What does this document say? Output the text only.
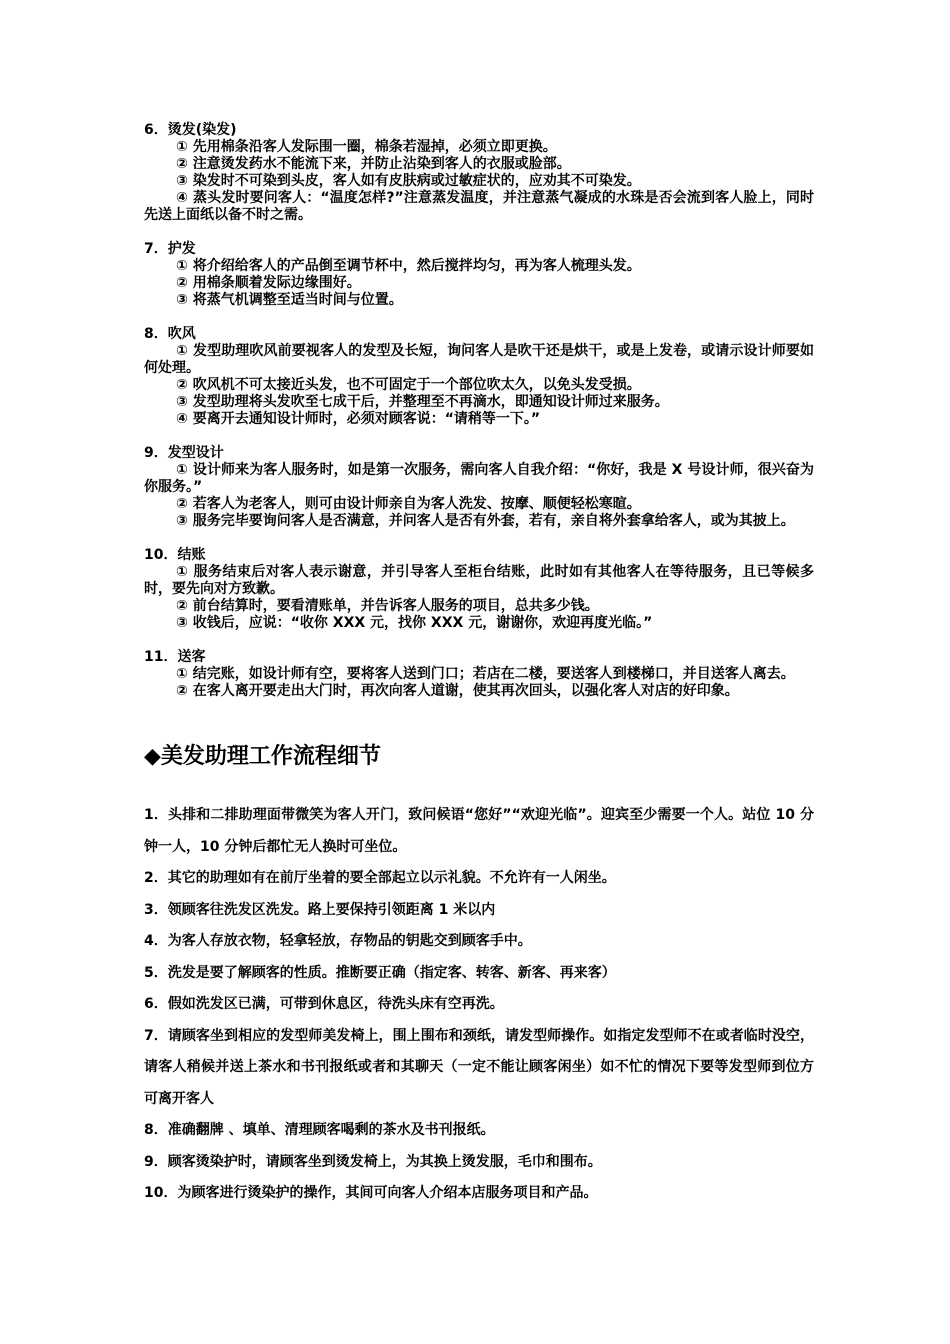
6．烫发(染发)
① 先用棉条沿客人发际围一圈，棉条若湿掉，必须立即更换。
② 注意烫发药水不能流下来，并防止沾染到客人的衣服或脸部。
③ 染发时不可染到头皮，客人如有皮肤病或过敏症状的，应劝其不可染发。
④ 蒸头发时要问客人：“温度怎样?”注意蒸发温度，并注意蒸气凝成的水珠是否会流到客人脸上，同时先送上面纸以备不时之需。
7．护发
① 将介绍给客人的产品倒至调节杯中，然后搅拌均匀，再为客人梳理头发。
② 用棉条顺着发际边缘围好。
③ 将蒸气机调整至适当时间与位置。
8．吹风
① 发型助理吹风前要视客人的发型及长短，询问客人是吹干还是烘干，或是上发卷，或请示设计师要如何处理。
② 吹风机不可太接近头发，也不可固定于一个部位吹太久，以免头发受损。
③ 发型助理将头发吹至七成干后，并整理至不再滴水，即通知设计师过来服务。
④ 要离开去通知设计师时，必须对顾客说：“请稍等一下。”
9．发型设计
① 设计师来为客人服务时，如是第一次服务，需向客人自我介绍：“你好，我是 X 号设计师，很兴奋为你服务。”
② 若客人为老客人，则可由设计师亲自为客人洗发、按摩、顺便轻松寒暄。
③ 服务完毕要询问客人是否满意，并问客人是否有外套，若有，亲自将外套拿给客人，或为其披上。
10．结账
① 服务结束后对客人表示谢意，并引导客人至柜台结账，此时如有其他客人在等待服务，且已等候多时，要先向对方致歉。
② 前台结算时，要看清账单，并告诉客人服务的项目，总共多少钱。
③ 收钱后，应说：“收你 XXX 元，找你 XXX 元，谢谢你，欢迎再度光临。”
11．送客
① 结完账，如设计师有空，要将客人送到门口；若店在二楼，要送客人到楼梯口，并目送客人离去。
② 在客人离开要走出大门时，再次向客人道谢，使其再次回头，以强化客人对店的好印象。
◆美发助理工作流程细节
1．头排和二排助理面带微笑为客人开门，致问候语“您好”“欢迎光临”。迎宾至少需要一个人。站位 10 分钟一人，10 分钟后都忙无人换时可坐位。
2．其它的助理如有在前厅坐着的要全部起立以示礼貌。不允许有一人闲坐。
3．领顾客往洗发区洗发。路上要保持引领距离 1 米以内
4．为客人存放衣物，轻拿轻放，存物品的钥匙交到顾客手中。
5．洗发是要了解顾客的性质。推断要正确（指定客、转客、新客、再来客）
6．假如洗发区已满，可带到休息区，待洗头床有空再洗。
7．请顾客坐到相应的发型师美发椅上，围上围布和颈纸，请发型师操作。如指定发型师不在或者临时没空，请客人稍候并送上茶水和书刊报纸或者和其聊天（一定不能让顾客闲坐）如不忙的情况下要等发型师到位方可离开客人
8．准确翻牌 、填单、清理顾客喝剩的茶水及书刊报纸。
9．顾客烫染护时，请顾客坐到烫发椅上，为其换上烫发服，毛巾和围布。
10．为顾客进行烫染护的操作，其间可向客人介绍本店服务项目和产品。
